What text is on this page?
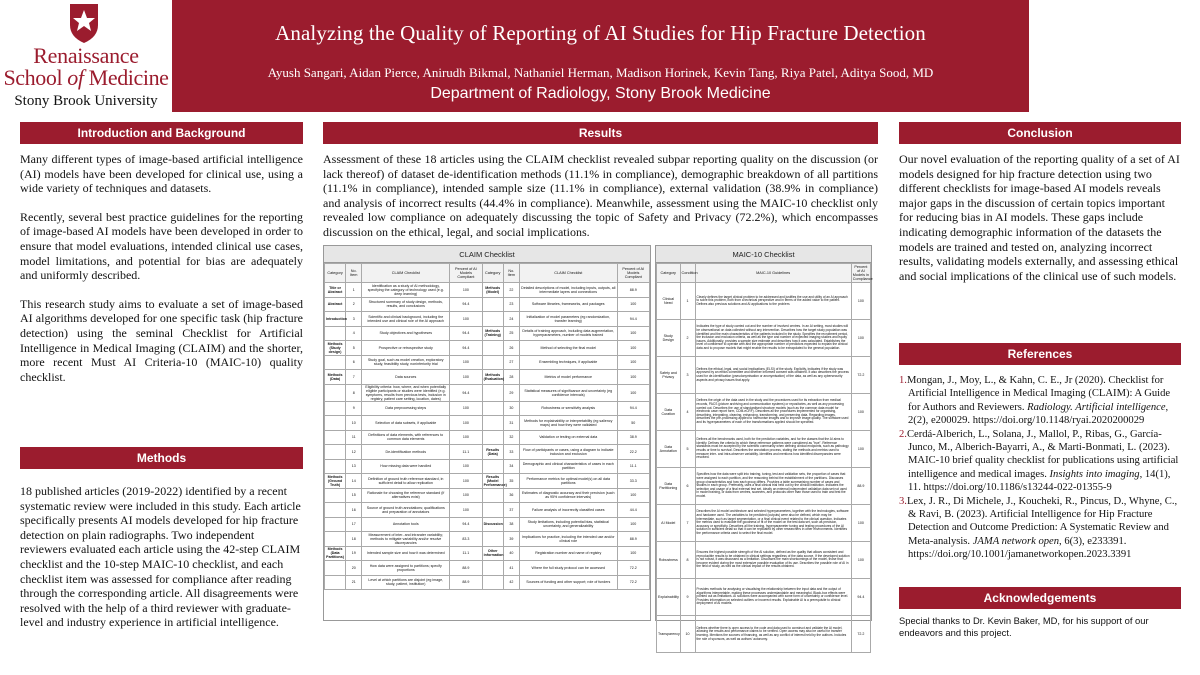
Renaissance
School of Medicine
Stony Brook University
Analyzing the Quality of Reporting of AI Studies for Hip Fracture Detection
Ayush Sangari, Aidan Pierce, Anirudh Bikmal, Nathaniel Herman, Madison Horinek, Kevin Tang, Riya Patel, Aditya Sood, MD
Department of Radiology, Stony Brook Medicine
Introduction and Background

Many different types of image-based artificial intelligence (AI) models have been developed for clinical use, using a wide variety of techniques and datasets.

Recently, several best practice guidelines for the reporting of image-based AI models have been developed in order to ensure that model evaluations, intended clinical use cases, model limitations, and potential for bias are adequately and uniformly described.

This research study aims to evaluate a set of image-based AI algorithms developed for one specific task (hip fracture detection) using the seminal Checklist for Artificial Intelligence in Medical Imaging (CLAIM) and the shorter, more recent Must AI Criteria-10 (MAIC-10) quality checklist.

Methods

18 published articles (2019-2022) identified by a recent systematic review were included in this study. Each article specifically presents AI models developed for hip fracture detection on plain radiographs. Two independent reviewers evaluated each article using the 42-step CLAIM checklist and the 10-step MAIC-10 checklist, and each checklist item was assessed for compliance after reading through the corresponding article. All disagreements were resolved with the help of a third reviewer with graduate-level and industry experience in artificial intelligence.

Results

Assessment of these 18 articles using the CLAIM checklist revealed subpar reporting quality on the discussion (or lack thereof) of dataset de-identification methods (11.1% in compliance), demographic breakdown of all partitions (11.1% in compliance), intended sample size (11.1% in compliance), external validation (38.9% in compliance) and analysis of incorrect results (44.4% in compliance). Meanwhile, assessment using the MAIC-10 checklist only revealed low compliance on adequately discussing the topic of Safety and Privacy (72.2%), which encompasses discussion on the ethical, legal, and social implications.

CLAIM Checklist
Category	No. Item	CLAIM Checklist	Percent of AI Models Compliant	Category	No. Item	CLAIM Checklist	Percent of AI Models Compliant
Title or Abstract	1	Identification as a study of AI methodology, specifying the category of technology used (e.g. deep learning)	100	Methods (Model)	22	Detailed descriptions of model, including inputs, outputs, all intermediate layers and connections	88.9
Abstract	2	Structured summary of study design, methods, results, and conclusions	94.4		23	Software libraries, frameworks, and packages	100
Introduction	3	Scientific and clinical background, including the intended use and clinical role of the AI approach	100		24	Initialization of model parameters (eg randomization, transfer learning)	94.4
	4	Study objectives and hypotheses	94.4	Methods (Training)	25	Details of training approach, including data augmentation, hyperparameters, number of models trained	100
Methods (Study design)	5	Prospective or retrospective study	94.4		26	Method of selecting the final model	100
	6	Study goal, such as model creation, exploratory study, feasibility study, noninferiority trial	100		27	Ensembling techniques, if applicable	100
Methods (Data)	7	Data sources	100	Methods (Evaluation)	28	Metrics of model performance	100
	8	Eligibility criteria: how, where, and when potentially eligible participants or studies were identified (e.g. symptoms, results from previous tests, inclusion in registry, patient care setting, location, dates)	94.4		29	Statistical measures of significance and uncertainty (eg confidence intervals)	100
	9	Data preprocessing steps	100		30	Robustness or sensitivity analysis	94.4
	10	Selection of data subsets, if applicable	100		31	Methods for explainability or interpretability (eg saliency maps) and how they were validated	50
	11	Definitions of data elements, with references to common data elements	100		32	Validation or testing on external data	38.9
	12	De-identification methods	11.1	Results (Data)	33	Flow of participants or cases, using a diagram to indicate inclusion and exclusion	22.2
	13	How missing data were handled	100		34	Demographic and clinical characteristics of cases in each partition	11.1
Methods (Ground Truth)	14	Definition of ground truth reference standard, in sufficient detail to allow replication	100	Results (Model Performance)	35	Performance metrics for optimal model(s) on all data partitions	33.3
	15	Rationale for choosing the reference standard (if alternatives exist)	100		36	Estimates of diagnostic accuracy and their precision (such as 95% confidence intervals)	100
	16	Source of ground truth annotations; qualifications and preparation of annotators	100		37	Failure analysis of incorrectly classified cases	44.4
	17	Annotation tools	94.4	Discussion	38	Study limitations, including potential bias, statistical uncertainty, and generalizability	100
	18	Measurement of inter- and intrarater variability; methods to mitigate variability and/or resolve discrepancies	83.3		39	Implications for practice, including the intended use and/or clinical role	88.9
Methods (Data Partitions)	19	Intended sample size and how it was determined	11.1	Other information	40	Registration number and name of registry	100
	20	How data were assigned to partitions; specify proportions	88.9		41	Where the full study protocol can be accessed	72.2
	21	Level at which partitions are disjoint (eg image, study, patient, institution)	88.9		42	Sources of funding and other support; role of funders	72.2
MAIC-10 Checklist
Category	Condition	MAIC-10 Guidelines	Percent of AI Models in Compliance
Clinical Need	1	Clearly defines the target clinical problem to be addressed and justifies the use and utility of an AI approach to solve this problem, both from a technical perspective and in terms of the added value to the patient. Defines also previous solutions and AI applications to the problem.	100
Study Design	2	Indicates the type of study carried out and the number of involved centres. In an AI setting, most studies will be observational on data collected without any intervention. Describes how the target study population was identified and the main characteristics of the patients included in the study. Specifies the recruitment period, the inclusion and exclusion criteria, as well as the type and number of expected imaging studies and equity issues. Additionally, provides a sample size estimate and describes how it was calculated. Establishes the level of confidence to operate with and the appropriate number of predictors expected to explain the clinical data and to propose models that might enable the results to be extrapolated to the general population.	100
Safety and Privacy	3	Defines the ethical, legal, and social implications (ELSI) of the study. Explicitly, indicates if the study was approved by an ethics committee and whether informed consent was obtained. It also describes the process used for de-identification (pseudonymisation or anonymisation) of the data, as well as any cybersecurity aspects and privacy issues that apply.	72.2
Data Curation	4	Defines the origin of the data used in the study and the procedures used for its extraction from medical records, PACS (picture archiving and communication systems) or repositories, as well as any processing carried out. Describes the use of standardised structure models (such as the common data model for electronic case report form, CDM-eCRF). Describes all the procedures implemented for organising, describing, integrating, cleaning, enhancing, transforming, and preserving data. Regarding images, describes the pre-processing applied to harmonise images and to improve image quality. The software used and its hyperparameters of each of the transformations applied should be specified.	100
Data Annotation	5	Defines all the benchmarks used, both for the prediction variables, and for the classes that the AI aims to identify. Defines the criteria by which these reference patterns were considered as "true". Reference standards must be accepted by the scientific community when defining clinical endpoints, such as pathology results or time to survival. Describes the annotation process, stating the methods and metrics used to measure inter- and intra-observer variability. Identifies and mentions how identified discrepancies were resolved.	100
Data Partitioning	6	Specifies how the data were split into training, tuning, test and validation sets, the proportion of cases that were assigned to each partition, and the reasoning behind the establishment of the partitions. Discusses group characteristics and how each group differs. Provides a table summarising number of cases and studies in each group. Preferably, uses a final clinical trial held out by the clinical institution. Indicates the selection and usage of a final external test set, ideally an external independent validation data set not used in model training, or data from centres, scanners, and protocols other than those used to train and test the model.	88.9
AI Model	7	Describes the AI model architecture and selected hyperparameters, together with the technologies, software and hardware used. The variables to be predicted (outputs) were also be defined, which may be intermediate, such as target segmentation, or a final clinical event related to the clinical question. Indicates the metrics used to evaluate the goodness of fit of the model on the test data set, such as precision, accuracy or specificity. Describes all the training, hyperparameter tuning and testing procedures of the AI solution in sufficient detail so that it can be replicated by other researchers in other environments. Identifies the performance criteria used to select the final model.	100
Robustness	8	Ensures the highest possible strength of the AI solution, defined as the quality that allows consistent and reproducible results to be obtained in clinical settings regardless of the data source. If the developed solution is not robust, it was discussed as a limitation. Discusses the main shortcomings of the model, those that become evident during the most extensive possible evaluation of its use. Describes the possible role of AI in the field of study, as well as the clinical impact of the results obtained.	100
Explainability	9	Provides methods for analysing or visualising the relationship between the input data and the output of algorithms interpretable, making these processes understandable and meaningful. Black-box effects were pointed out as limitations. AI solutions were accompanied with some form of uncertainty or confidence level. Provides information on selected outliers or incorrect results. Explainable AI is a prerequisite to clinical deployment of AI models.	94.4
Transparency	10	Defines whether there is open access to the code and data used to construct and validate the AI model, allowing the results and performance claims to be verified. Open access may also be useful for transfer learning. Mentions the sources of financing, as well as any conflict of interest held by the authors. Includes the role of sponsors, as well as authors' autonomy.	72.2
Conclusion

Our novel evaluation of the reporting quality of a set of AI models designed for hip fracture detection using two different checklists for image-based AI models reveals major gaps in the discussion of certain topics important for reducing bias in AI models. These gaps include indicating demographic information of the datasets the models are trained and tested on, analyzing incorrect results, validating models externally, and assessing ethical and social implications of the clinical use of such models.

References
1.Mongan, J., Moy, L., & Kahn, C. E., Jr (2020). Checklist for Artificial Intelligence in Medical Imaging (CLAIM): A Guide for Authors and Reviewers. Radiology. Artificial intelligence, 2(2), e200029. https://doi.org/10.1148/ryai.2020200029
2.Cerdá-Alberich, L., Solana, J., Mallol, P., Ribas, G., García-Junco, M., Alberich-Bayarri, A., & Marti-Bonmati, L. (2023). MAIC-10 brief quality checklist for publications using artificial intelligence and medical images. Insights into imaging, 14(1), 11. https://doi.org/10.1186/s13244-022-01355-9
3.Lex, J. R., Di Michele, J., Koucheki, R., Pincus, D., Whyne, C., & Ravi, B. (2023). Artificial Intelligence for Hip Fracture Detection and Outcome Prediction: A Systematic Review and Meta-analysis. JAMA network open, 6(3), e233391. https://doi.org/10.1001/jamanetworkopen.2023.3391
Acknowledgements
Special thanks to Dr. Kevin Baker, MD, for his support of our endeavors and this project.
